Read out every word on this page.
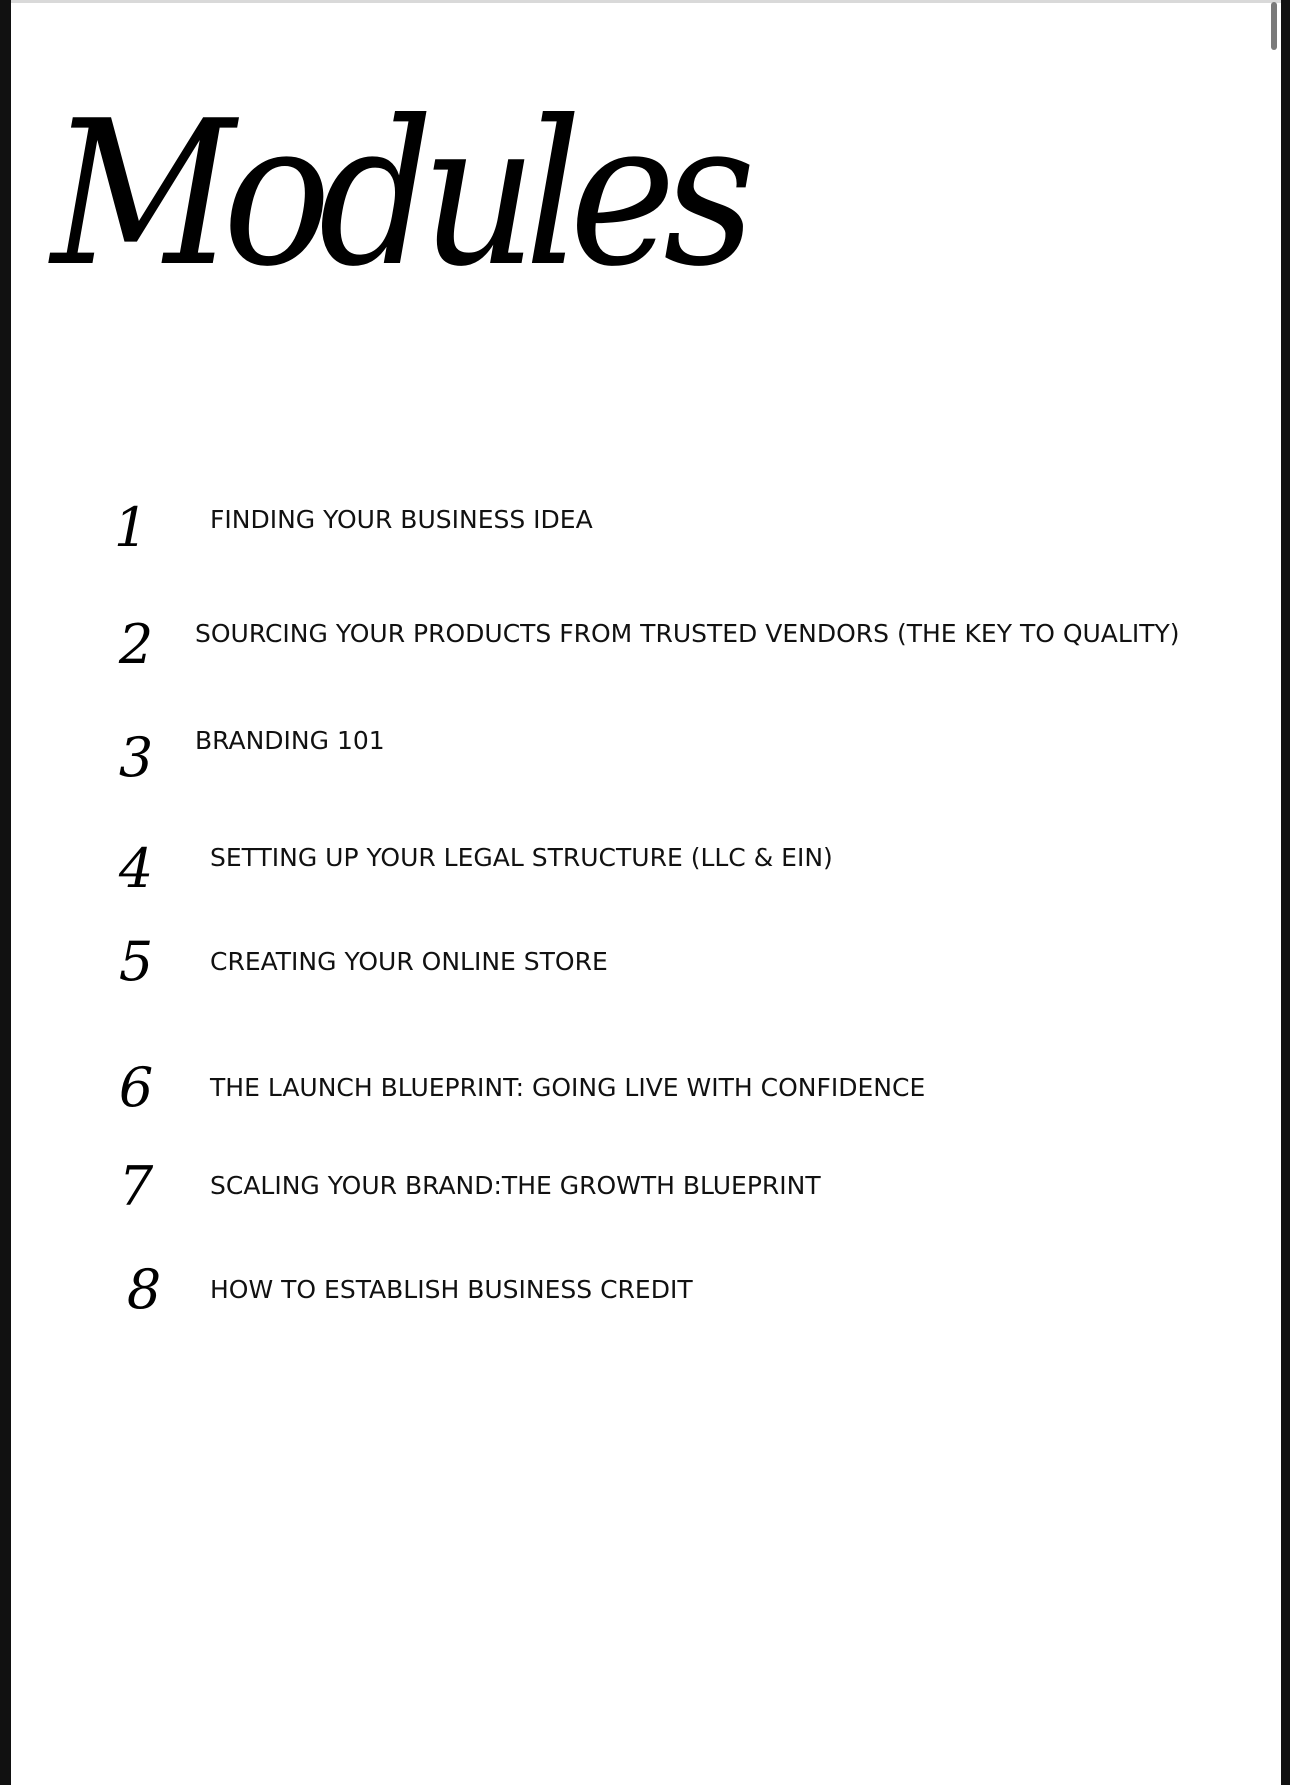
Modules
1	FINDING YOUR BUSINESS IDEA
2	SOURCING YOUR PRODUCTS FROM TRUSTED VENDORS (THE KEY TO QUALITY)
3	BRANDING 101
4	SETTING UP YOUR LEGAL STRUCTURE (LLC & EIN)
5	CREATING YOUR ONLINE STORE
6	THE LAUNCH BLUEPRINT: GOING LIVE WITH CONFIDENCE
7	SCALING YOUR BRAND:THE GROWTH BLUEPRINT
8	HOW TO ESTABLISH BUSINESS CREDIT
